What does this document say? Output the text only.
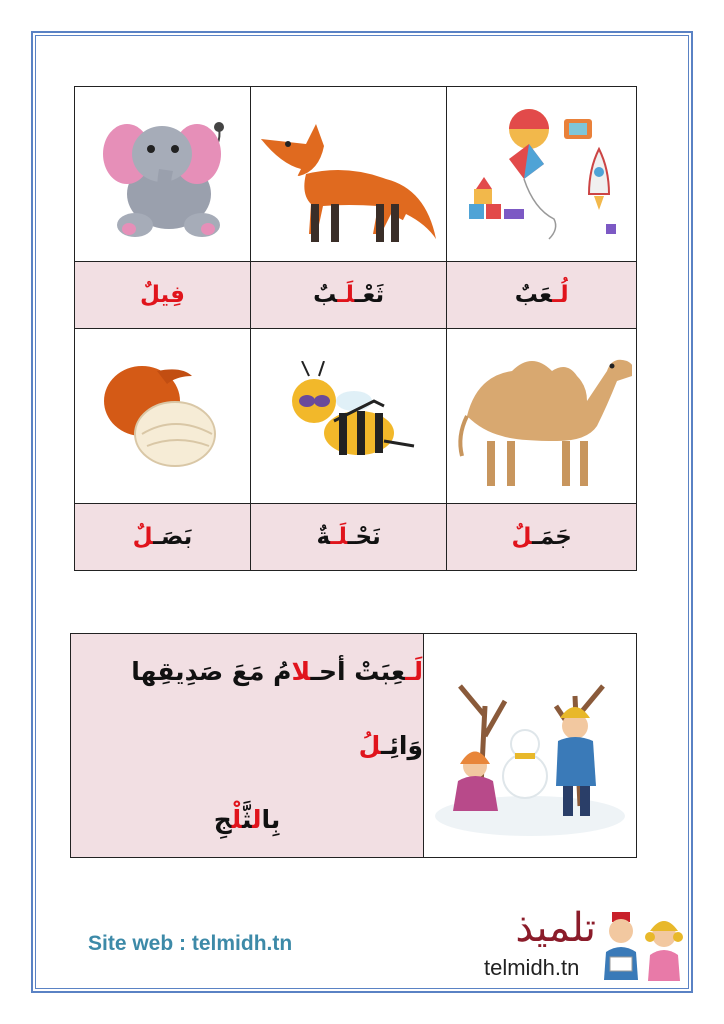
فِيلٌ	ثَعْـلَـبٌ	لُـعَبٌ

بَصَـلٌ	نَحْـلَـةٌ	جَمَـلٌ
لَـعِبَتْ أحـلامُ مَعَ صَدِيقِها وَائِـلُ
بِالثَّلْجِ
Site web : telmidh.tn	تلميذ
telmidh.tn
